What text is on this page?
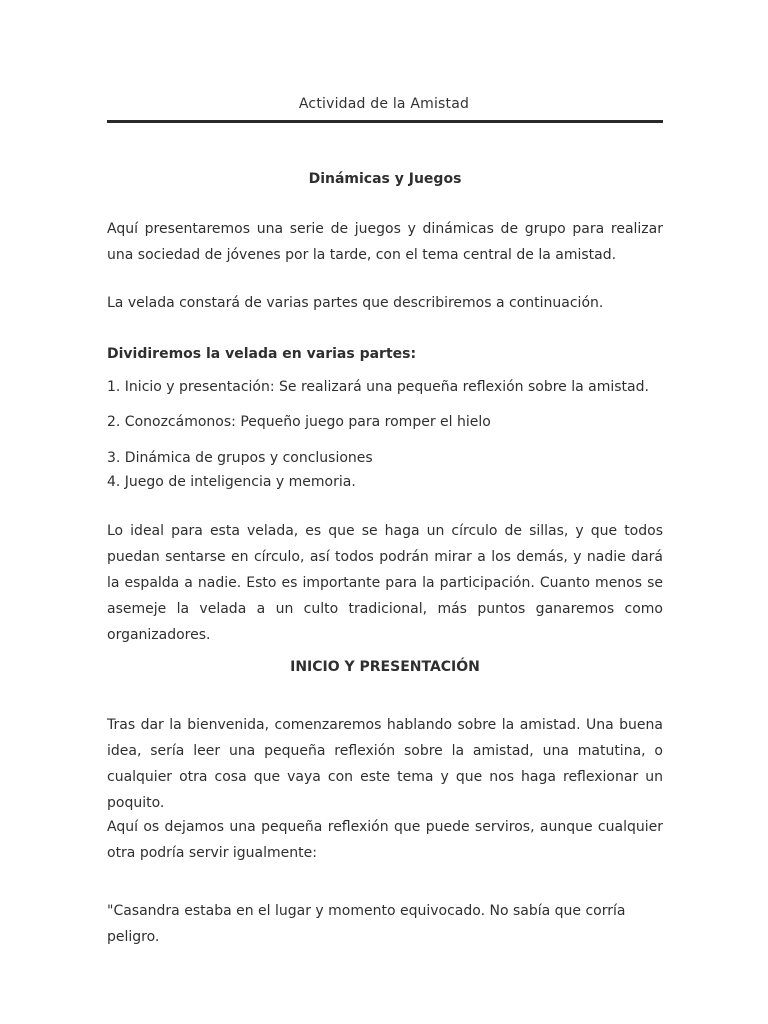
Actividad de la Amistad
Dinámicas y Juegos
Aquí presentaremos una serie de juegos y dinámicas de grupo para realizar una sociedad de jóvenes por la tarde, con el tema central de la amistad.
La velada constará de varias partes que describiremos a continuación.
Dividiremos la velada en varias partes:
1. Inicio y presentación: Se realizará una pequeña reflexión sobre la amistad.
2. Conozcámonos: Pequeño juego para romper el hielo
3. Dinámica de grupos y conclusiones
4. Juego de inteligencia y memoria.
Lo ideal para esta velada, es que se haga un círculo de sillas, y que todos puedan sentarse en círculo, así todos podrán mirar a los demás, y nadie dará la espalda a nadie. Esto es importante para la participación. Cuanto menos se asemeje la velada a un culto tradicional, más puntos ganaremos como organizadores.
INICIO Y PRESENTACIÓN
Tras dar la bienvenida, comenzaremos hablando sobre la amistad. Una buena idea, sería leer una pequeña reflexión sobre la amistad, una matutina, o cualquier otra cosa que vaya con este tema y que nos haga reflexionar un poquito.
Aquí os dejamos una pequeña reflexión que puede serviros, aunque cualquier otra podría servir igualmente:
"Casandra estaba en el lugar y momento equivocado. No sabía que corría peligro.
